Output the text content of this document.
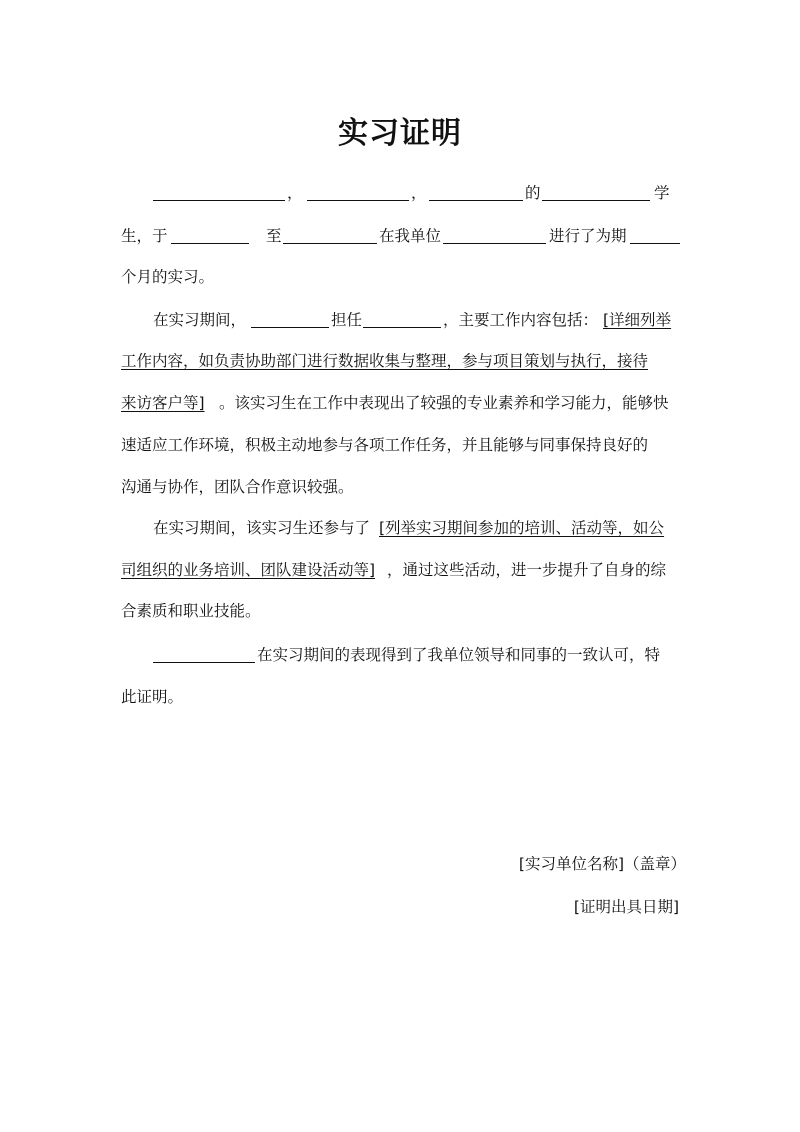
实习证明
，	，	的	学
生，于	至	在我单位	进行了为期
个月的实习。
在实习期间，	担任	，主要工作内容包括： [详细列举
工作内容，如负责协助部门进行数据收集与整理，参与项目策划与执行，接待
来访客户等] 。该实习生在工作中表现出了较强的专业素养和学习能力，能够快
速适应工作环境，积极主动地参与各项工作任务，并且能够与同事保持良好的
沟通与协作，团队合作意识较强。
在实习期间，该实习生还参与了 [列举实习期间参加的培训、活动等，如公
司组织的业务培训、团队建设活动等] ，通过这些活动，进一步提升了自身的综
合素质和职业技能。
在实习期间的表现得到了我单位领导和同事的一致认可，特
此证明。
[实习单位名称]（盖章）
[证明出具日期]
